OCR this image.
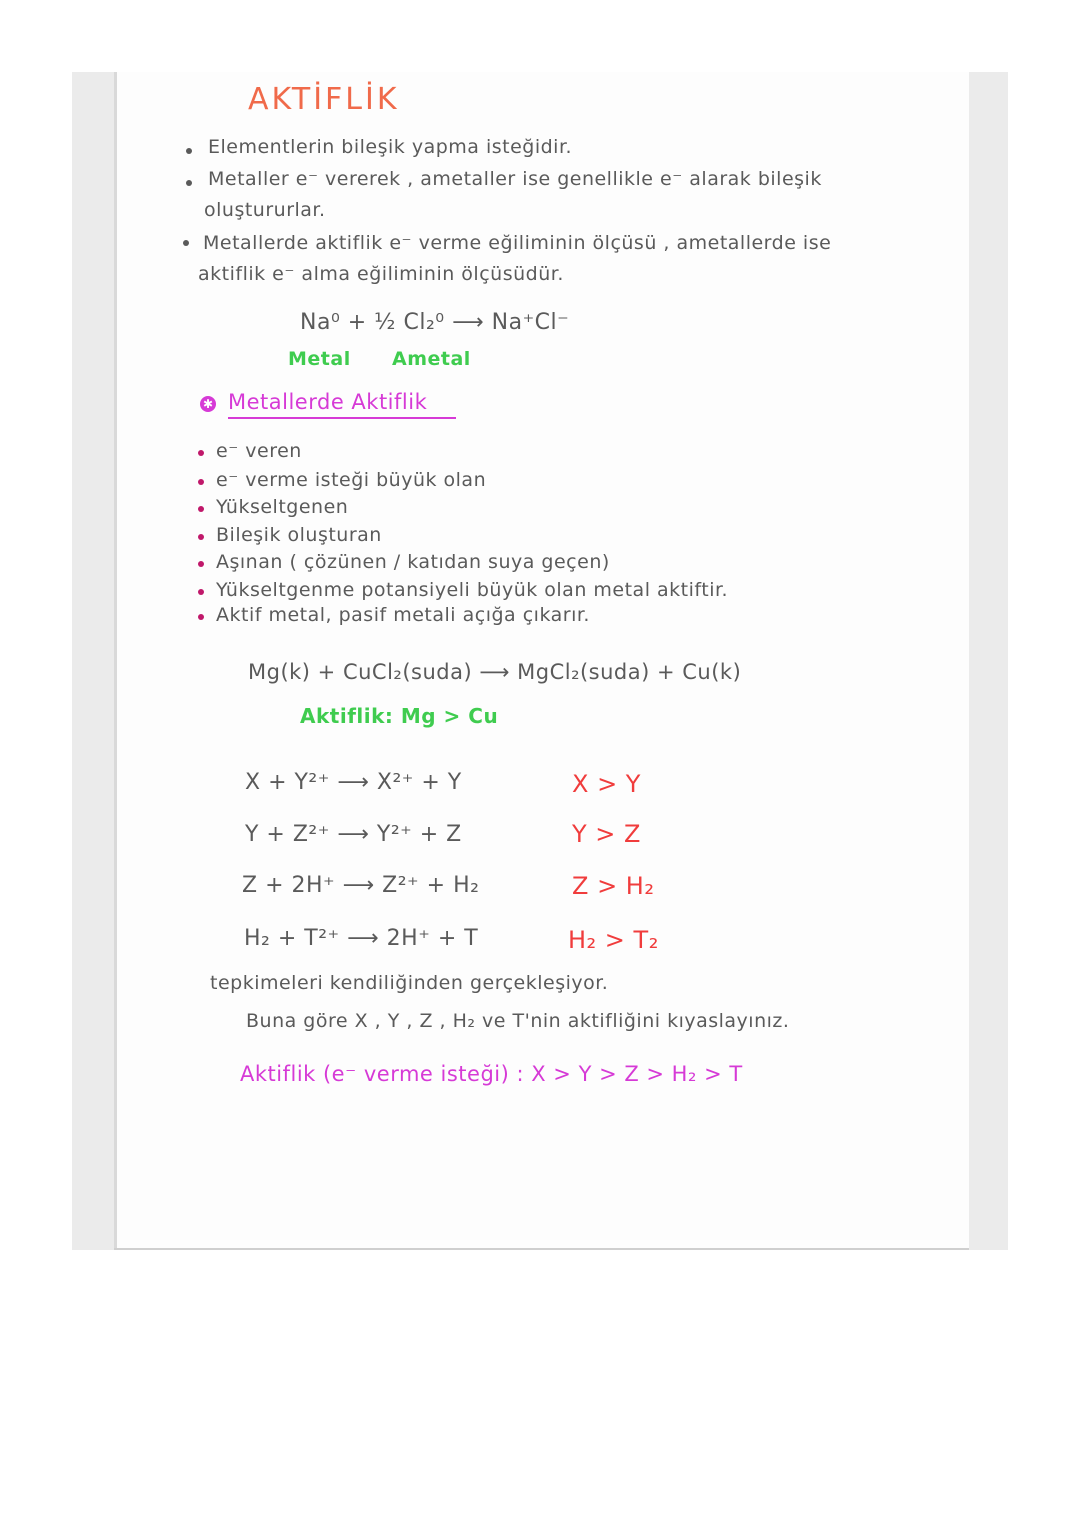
AKTİFLİK
Elementlerin bileşik yapma isteğidir.
Metaller e⁻ vererek , ametaller ise genellikle e⁻ alarak bileşik
oluştururlar.
Metallerde aktiflik e⁻ verme eğiliminin ölçüsü , ametallerde ise
aktiflik e⁻ alma eğiliminin ölçüsüdür.
Na⁰ + ½ Cl₂⁰ ⟶ Na⁺Cl⁻
Metal Ametal
✱ Metallerde Aktiflik
e⁻ veren
e⁻ verme isteği büyük olan
Yükseltgenen
Bileşik oluşturan
Aşınan ( çözünen / katıdan suya geçen)
Yükseltgenme potansiyeli büyük olan metal aktiftir.
Aktif metal, pasif metali açığa çıkarır.
Mg(k) + CuCl₂(suda) ⟶ MgCl₂(suda) + Cu(k)
Aktiflik: Mg > Cu
X + Y²⁺ ⟶ X²⁺ + Y	X > Y
Y + Z²⁺ ⟶ Y²⁺ + Z	Y > Z
Z + 2H⁺ ⟶ Z²⁺ + H₂	Z > H₂
H₂ + T²⁺ ⟶ 2H⁺ + T	H₂ > T₂
tepkimeleri kendiliğinden gerçekleşiyor.
Buna göre X , Y , Z , H₂ ve T'nin aktifliğini kıyaslayınız.
Aktiflik (e⁻ verme isteği) : X > Y > Z > H₂ > T
